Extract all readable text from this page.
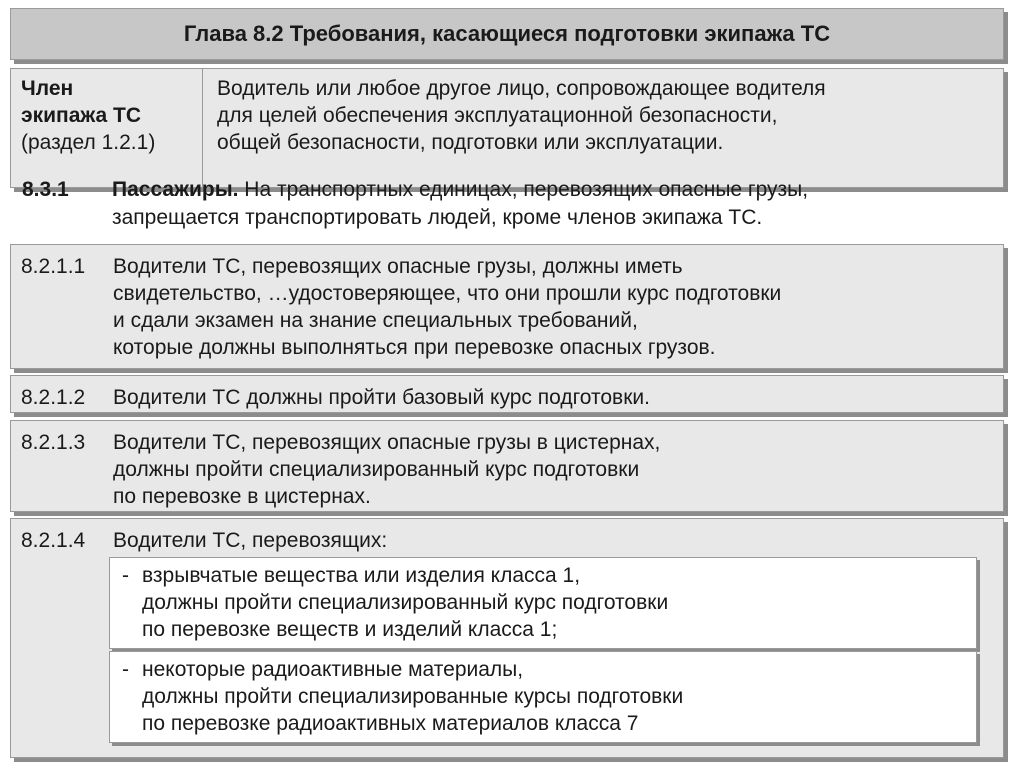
Глава 8.2 Требования, касающиеся подготовки экипажа ТС
Член
экипажа ТС
(раздел 1.2.1)
Водитель или любое другое лицо, сопровождающее водителя
для целей обеспечения эксплуатационной безопасности,
общей безопасности, подготовки или эксплуатации.
8.3.1 Пассажиры. На транспортных единицах, перевозящих опасные грузы,
запрещается транспортировать людей, кроме членов экипажа ТС.
8.2.1.1 Водители ТС, перевозящих опасные грузы, должны иметь
свидетельство, …удостоверяющее, что они прошли курс подготовки
и сдали экзамен на знание специальных требований,
которые должны выполняться при перевозке опасных грузов.
8.2.1.2 Водители ТС должны пройти базовый курс подготовки.
8.2.1.3 Водители ТС, перевозящих опасные грузы в цистернах,
должны пройти специализированный курс подготовки
по перевозке в цистернах.
8.2.1.4 Водители ТС, перевозящих:
- взрывчатые вещества или изделия класса 1,
должны пройти специализированный курс подготовки
по перевозке веществ и изделий класса 1;
- некоторые радиоактивные материалы,
должны пройти специализированные курсы подготовки
по перевозке радиоактивных материалов класса 7
